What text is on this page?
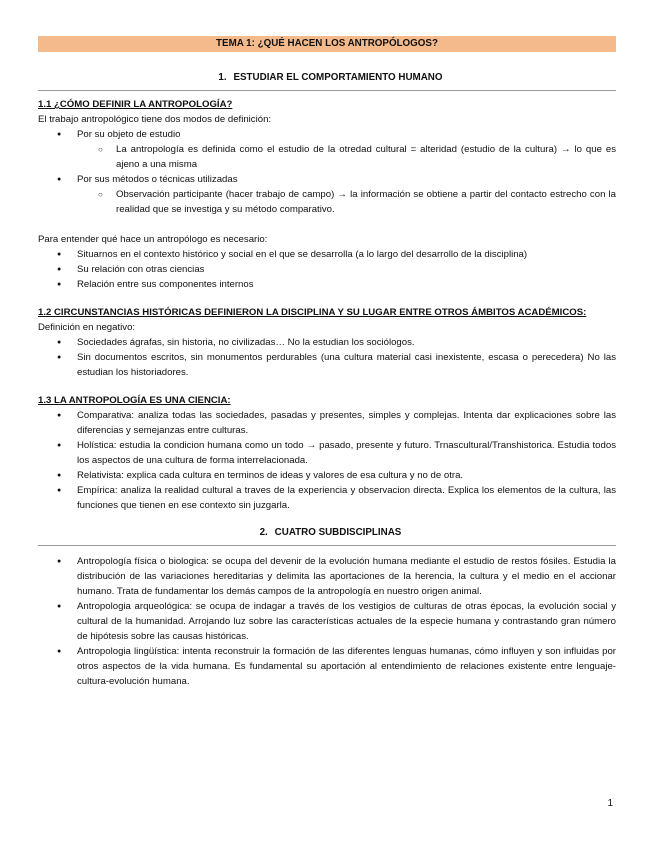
TEMA 1: ¿QUÉ HACEN LOS ANTROPÓLOGOS?
1. ESTUDIAR EL COMPORTAMIENTO HUMANO

1.1 ¿CÓMO DEFINIR LA ANTROPOLOGÍA?

El trabajo antropológico tiene dos modos de definición:

● Por su objeto de estudio
○ La antropología es definida como el estudio de la otredad cultural = alteridad (estudio de la cultura) → lo que es ajeno a una misma
● Por sus métodos o técnicas utilizadas
○ Observación participante (hacer trabajo de campo) → la información se obtiene a partir del contacto estrecho con la realidad que se investiga y su método comparativo.

Para entender qué hace un antropólogo es necesario:

● Situarnos en el contexto histórico y social en el que se desarrolla (a lo largo del desarrollo de la disciplina)
● Su relación con otras ciencias
● Relación entre sus componentes internos

1.2 CIRCUNSTANCIAS HISTÓRICAS DEFINIERON LA DISCIPLINA Y SU LUGAR ENTRE OTROS ÁMBITOS ACADÉMICOS:

Definición en negativo:

● Sociedades ágrafas, sin historia, no civilizadas… No la estudian los sociólogos.
● Sin documentos escritos, sin monumentos perdurables (una cultura material casi inexistente, escasa o perecedera) No las estudian los historiadores.

1.3 LA ANTROPOLOGÍA ES UNA CIENCIA:

● Comparativa: analiza todas las sociedades, pasadas y presentes, simples y complejas. Intenta dar explicaciones sobre las diferencias y semejanzas entre culturas.
● Holística: estudia la condicion humana como un todo → pasado, presente y futuro. Trnascultural/Transhistorica. Estudia todos los aspectos de una cultura de forma interrelacionada.
● Relativista: explica cada cultura en terminos de ideas y valores de esa cultura y no de otra.
● Empírica: analiza la realidad cultural a traves de la experiencia y observacion directa. Explica los elementos de la cultura, las funciones que tienen en ese contexto sin juzgarla.
2. CUATRO SUBDISCIPLINAS
● Antropología física o biologica: se ocupa del devenir de la evolución humana mediante el estudio de restos fósiles. Estudia la distribución de las variaciones hereditarias y delimita las aportaciones de la herencia, la cultura y el medio en el accionar humano. Trata de fundamentar los demás campos de la antropología en nuestro origen animal.
● Antropologia arqueológica: se ocupa de indagar a través de los vestigios de culturas de otras épocas, la evolución social y cultural de la humanidad. Arrojando luz sobre las características actuales de la especie humana y contrastando gran número de hipótesis sobre las causas históricas.
● Antropologia lingüística: intenta reconstruir la formación de las diferentes lenguas humanas, cómo influyen y son influidas por otros aspectos de la vida humana. Es fundamental su aportación al entendimiento de relaciones existente entre lenguaje-cultura-evolución humana.
1
